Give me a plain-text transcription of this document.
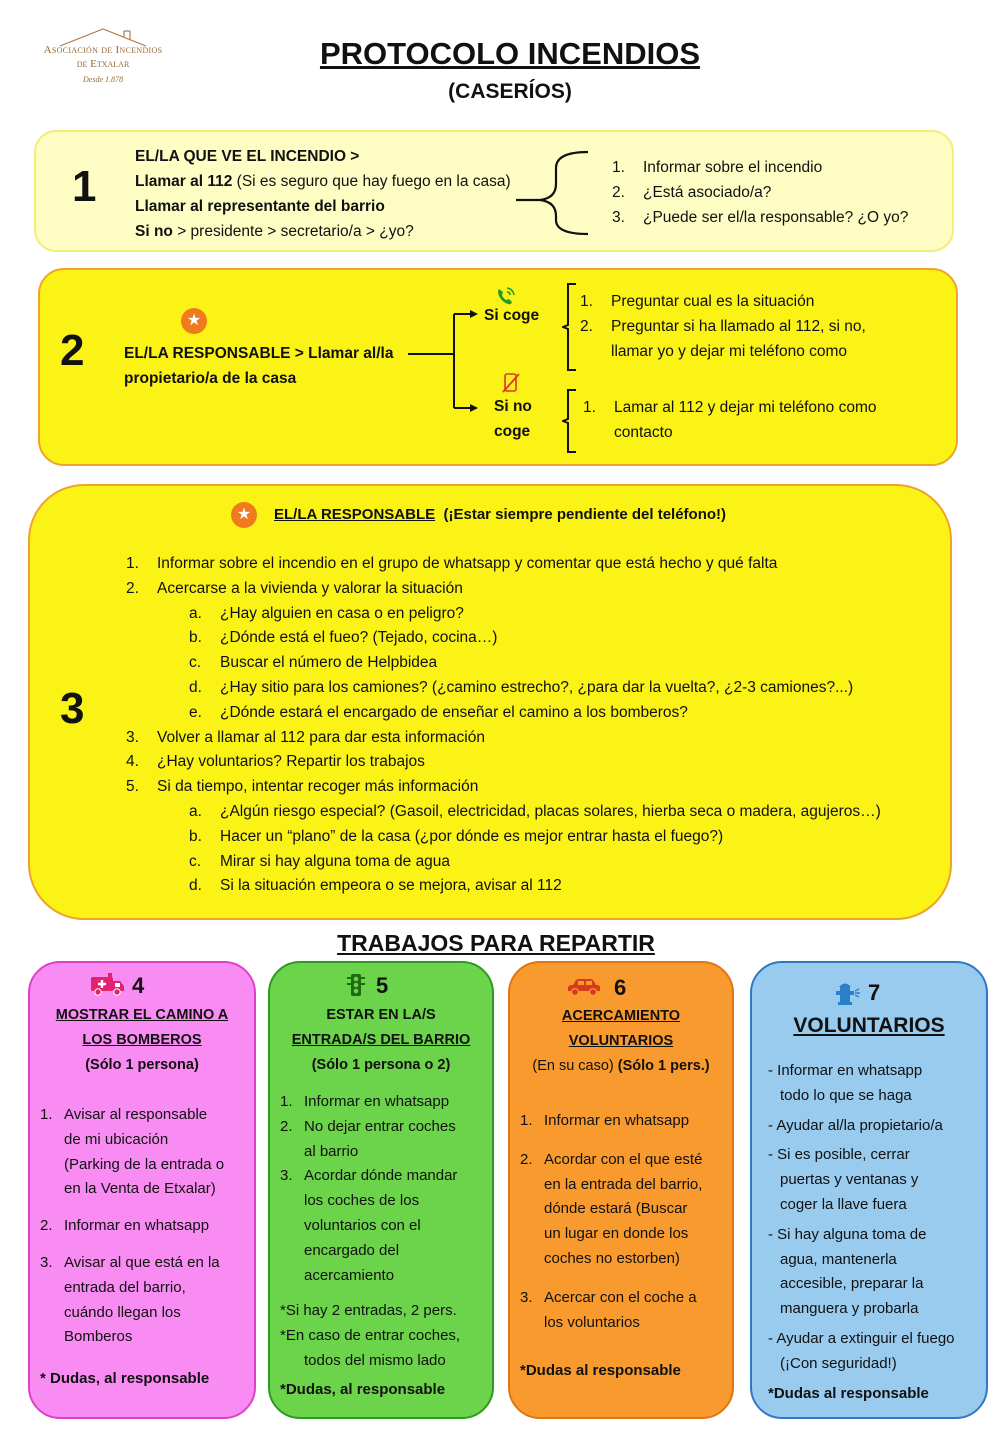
Asociación de Incendios
de Etxalar
Desde 1.878
PROTOCOLO INCENDIOS
(CASERÍOS)
1
EL/LA QUE VE EL INCENDIO >
Llamar al 112 (Si es seguro que hay fuego en la casa)
Llamar al representante del barrio
Si no > presidente > secretario/a > ¿yo?
1. Informar sobre el incendio
2. ¿Está asociado/a?
3. ¿Puede ser el/la responsable? ¿O yo?
2
★
EL/LA RESPONSABLE > Llamar al/la
propietario/a de la casa
Si coge
Si no
coge
1. Preguntar cual es la situación
2. Preguntar si ha llamado al 112, si no,
llamar yo y dejar mi teléfono como
1. Lamar al 112 y dejar mi teléfono como
contacto
3
★	EL/LA RESPONSABLE (¡Estar siempre pendiente del teléfono!)
1. Informar sobre el incendio en el grupo de whatsapp y comentar que está hecho y qué falta
2. Acercarse a la vivienda y valorar la situación
a. ¿Hay alguien en casa o en peligro?
b. ¿Dónde está el fueo? (Tejado, cocina…)
c. Buscar el número de Helpbidea
d. ¿Hay sitio para los camiones? (¿camino estrecho?, ¿para dar la vuelta?, ¿2-3 camiones?...)
e. ¿Dónde estará el encargado de enseñar el camino a los bomberos?
3. Volver a llamar al 112 para dar esta información
4. ¿Hay voluntarios? Repartir los trabajos
5. Si da tiempo, intentar recoger más información
a. ¿Algún riesgo especial? (Gasoil, electricidad, placas solares, hierba seca o madera, agujeros…)
b. Hacer un “plano” de la casa (¿por dónde es mejor entrar hasta el fuego?)
c. Mirar si hay alguna toma de agua
d. Si la situación empeora o se mejora, avisar al 112
TRABAJOS PARA REPARTIR
4
MOSTRAR EL CAMINO A
LOS BOMBEROS
(Sólo 1 persona)
1. Avisar al responsable
de mi ubicación
(Parking de la entrada o
en la Venta de Etxalar)
2. Informar en whatsapp
3. Avisar al que está en la
entrada del barrio,
cuándo llegan los
Bomberos
* Dudas, al responsable
5
ESTAR EN LA/S
ENTRADA/S DEL BARRIO
(Sólo 1 persona o 2)
1. Informar en whatsapp
2. No dejar entrar coches
al barrio
3. Acordar dónde mandar
los coches de los
voluntarios con el
encargado del
acercamiento
*Si hay 2 entradas, 2 pers.
*En caso de entrar coches,
todos del mismo lado
*Dudas, al responsable
6
ACERCAMIENTO
VOLUNTARIOS
(En su caso) (Sólo 1 pers.)
1. Informar en whatsapp
2. Acordar con el que esté
en la entrada del barrio,
dónde estará (Buscar
un lugar en donde los
coches no estorben)
3. Acercar con el coche a
los voluntarios
*Dudas al responsable
7
VOLUNTARIOS
- Informar en whatsapp
todo lo que se haga
- Ayudar al/la propietario/a
- Si es posible, cerrar
puertas y ventanas y
coger la llave fuera
- Si hay alguna toma de
agua, mantenerla
accesible, preparar la
manguera y probarla
- Ayudar a extinguir el fuego
(¡Con seguridad!)
*Dudas al responsable
